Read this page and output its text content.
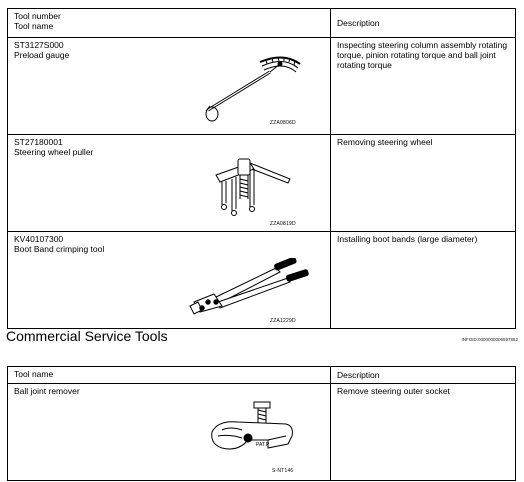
Tool number
Tool name	Description

ST3127S000
Preload gauge
ZZA0806D	Inspecting steering column assembly rotating torque, pinion rotating torque and ball joint rotating torque

ST27180001
Steering wheel puller
ZZA0819D	Removing steering wheel

KV40107300
Boot Band crimping tool
ZZA1229D	Installing boot bands (large diameter)
Commercial Service Tools	INFOID:0000000006597852
Tool name	Description

Ball joint remover
PAT.P
S-NT146	Remove steering outer socket
